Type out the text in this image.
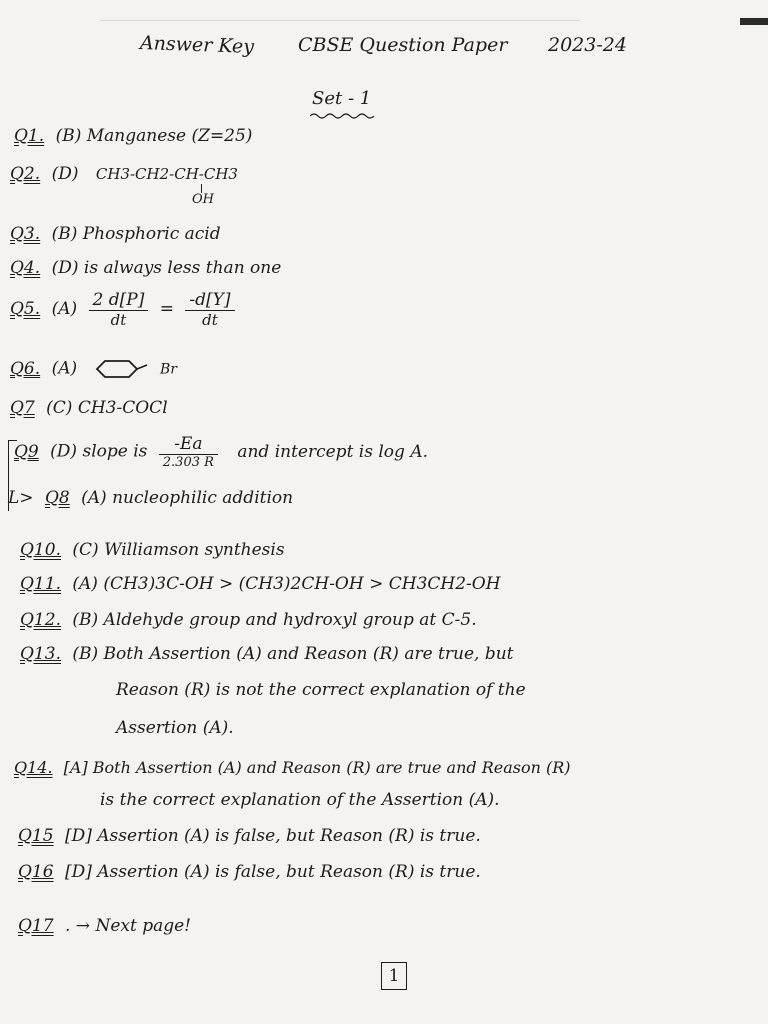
Answer Key CBSE Question Paper 2023-24
Set - 1
Q1. (B) Manganese (Z=25)
Q2. (D) CH3-CH2-CH-CH3
OH
Q3. (B) Phosphoric acid
Q4. (D) is always less than one
Q5. $(A) \frac{2 d[P]}{dt} = \frac{-d[Y]}{dt}$
Q6. (A)	Br
Q7 (C) CH3-COCl
Q9 (D) slope is $\frac{-Ea}{2.303 R}$ and intercept is log A.
L> Q8 (A) nucleophilic addition
Q10. (C) Williamson synthesis
Q11. (A) (CH3)3C-OH > (CH3)2CH-OH > CH3CH2-OH
Q12. (B) Aldehyde group and hydroxyl group at C-5.
Q13. (B) Both Assertion (A) and Reason (R) are true, but
Reason (R) is not the correct explanation of the
Assertion (A).
Q14. [A] Both Assertion (A) and Reason (R) are true and Reason (R)
is the correct explanation of the Assertion (A).
Q15 [D] Assertion (A) is false, but Reason (R) is true.
Q16 [D] Assertion (A) is false, but Reason (R) is true.
Q17 . → Next page!
1
